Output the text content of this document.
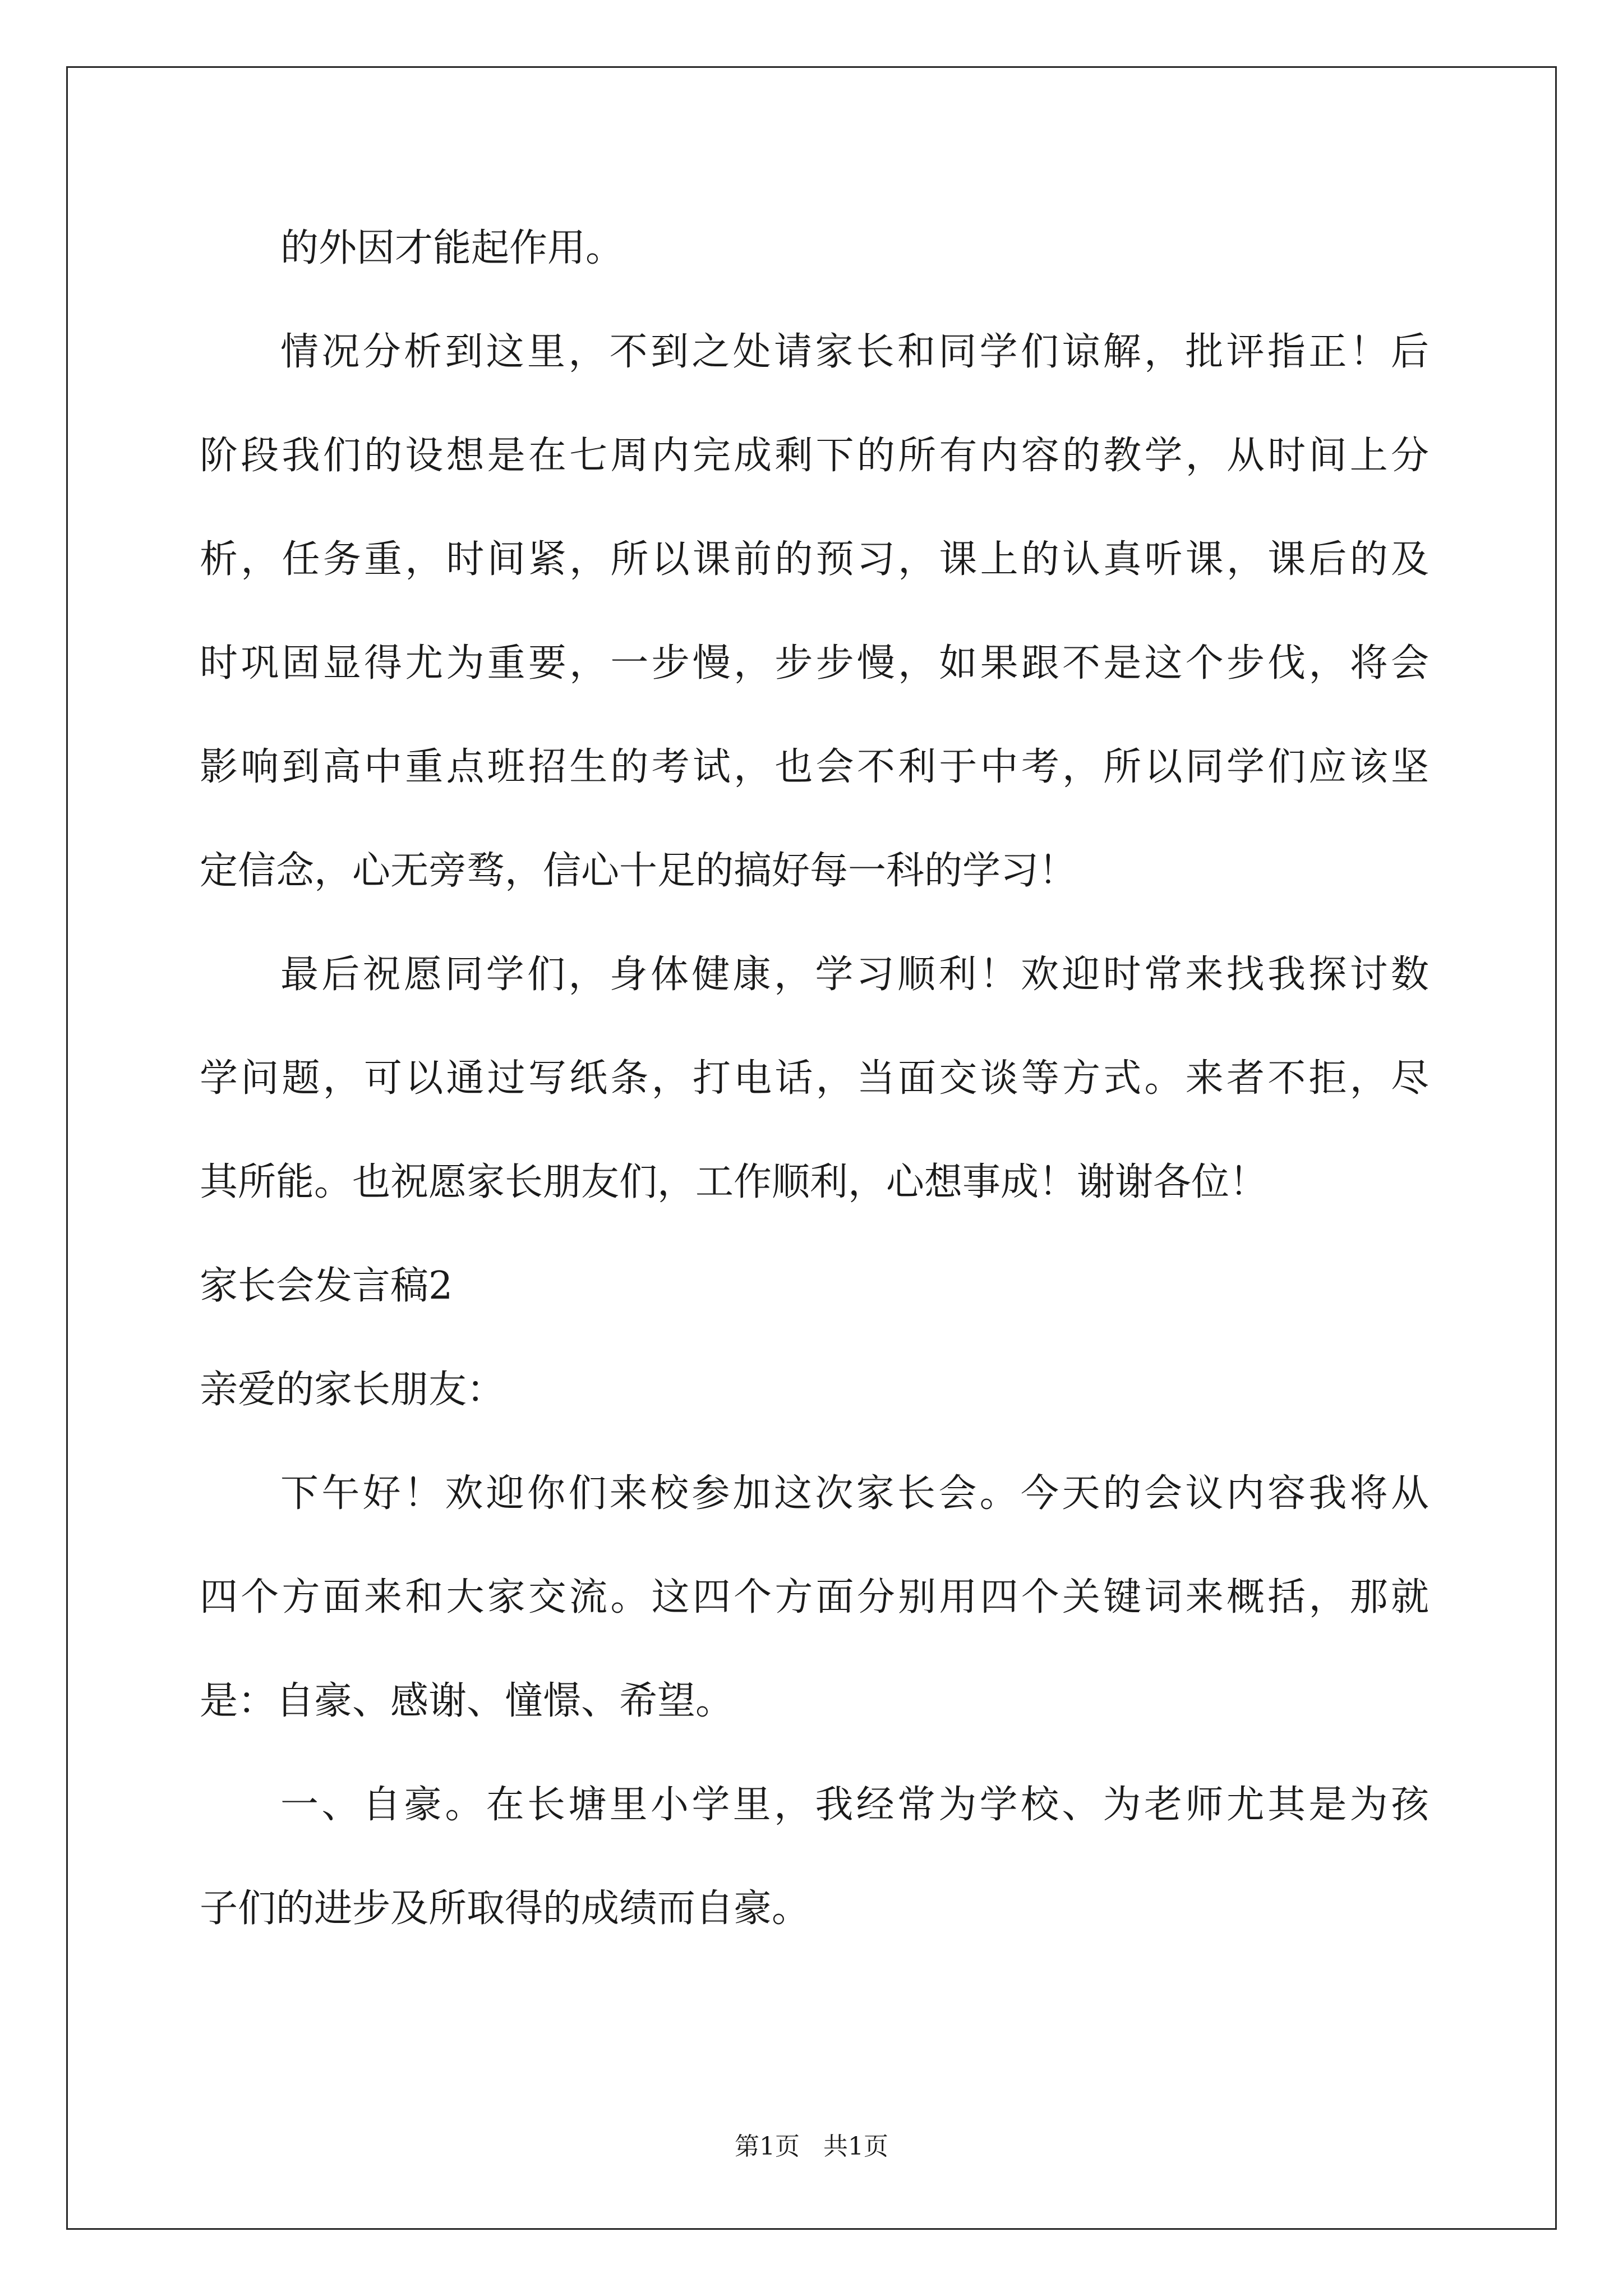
的外因才能起作用。
情况分析到这里，不到之处请家长和同学们谅解，批评指正！后
阶段我们的设想是在七周内完成剩下的所有内容的教学，从时间上分
析，任务重，时间紧，所以课前的预习，课上的认真听课，课后的及
时巩固显得尤为重要，一步慢，步步慢，如果跟不是这个步伐，将会
影响到高中重点班招生的考试，也会不利于中考，所以同学们应该坚
定信念，心无旁骛，信心十足的搞好每一科的学习！
最后祝愿同学们，身体健康，学习顺利！欢迎时常来找我探讨数
学问题，可以通过写纸条，打电话，当面交谈等方式。来者不拒，尽
其所能。也祝愿家长朋友们，工作顺利，心想事成！谢谢各位！
家长会发言稿2
亲爱的家长朋友：
下午好！欢迎你们来校参加这次家长会。今天的会议内容我将从
四个方面来和大家交流。这四个方面分别用四个关键词来概括，那就
是：自豪、感谢、憧憬、希望。
一、自豪。在长塘里小学里，我经常为学校、为老师尤其是为孩
子们的进步及所取得的成绩而自豪。
第1页   共1页
